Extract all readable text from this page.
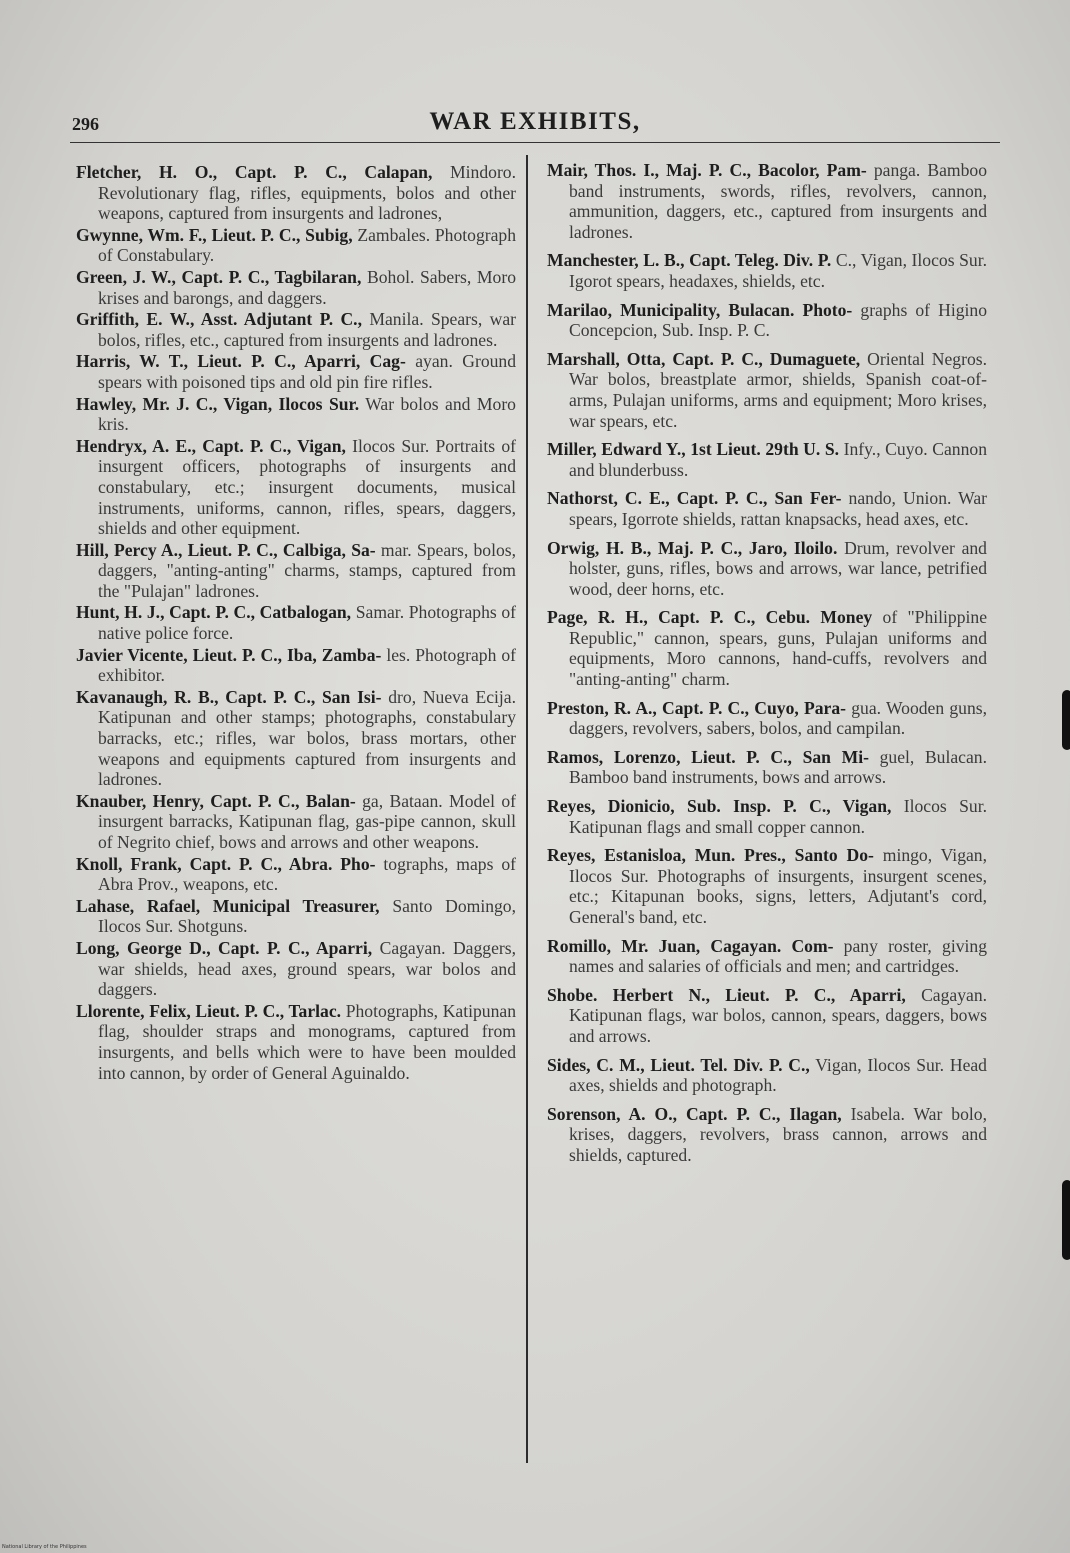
296	WAR EXHIBITS,

Fletcher, H. O., Capt. P. C., Calapan, Mindoro. Revolutionary flag, rifles, equipments, bolos and other weapons, captured from insurgents and ladrones,

Gwynne, Wm. F., Lieut. P. C., Subig, Zambales. Photograph of Constabulary.

Green, J. W., Capt. P. C., Tagbilaran, Bohol. Sabers, Moro krises and barongs, and daggers.

Griffith, E. W., Asst. Adjutant P. C., Manila. Spears, war bolos, rifles, etc., captured from insurgents and ladrones.

Harris, W. T., Lieut. P. C., Aparri, Cag- ayan. Ground spears with poisoned tips and old pin fire rifles.

Hawley, Mr. J. C., Vigan, Ilocos Sur. War bolos and Moro kris.

Hendryx, A. E., Capt. P. C., Vigan, Ilocos Sur. Portraits of insurgent officers, photographs of insurgents and constabulary, etc.; insurgent documents, musical instruments, uniforms, cannon, rifles, spears, daggers, shields and other equipment.

Hill, Percy A., Lieut. P. C., Calbiga, Sa- mar. Spears, bolos, daggers, "anting-anting" charms, stamps, captured from the "Pulajan" ladrones.

Hunt, H. J., Capt. P. C., Catbalogan, Samar. Photographs of native police force.

Javier Vicente, Lieut. P. C., Iba, Zamba- les. Photograph of exhibitor.

Kavanaugh, R. B., Capt. P. C., San Isi- dro, Nueva Ecija. Katipunan and other stamps; photographs, constabulary barracks, etc.; rifles, war bolos, brass mortars, other weapons and equipments captured from insurgents and ladrones.

Knauber, Henry, Capt. P. C., Balan- ga, Bataan. Model of insurgent barracks, Katipunan flag, gas-pipe cannon, skull of Negrito chief, bows and arrows and other weapons.

Knoll, Frank, Capt. P. C., Abra. Pho- tographs, maps of Abra Prov., weapons, etc.

Lahase, Rafael, Municipal Treasurer, Santo Domingo, Ilocos Sur. Shotguns.

Long, George D., Capt. P. C., Aparri, Cagayan. Daggers, war shields, head axes, ground spears, war bolos and daggers.

Llorente, Felix, Lieut. P. C., Tarlac. Photographs, Katipunan flag, shoulder straps and monograms, captured from insurgents, and bells which were to have been moulded into cannon, by order of General Aguinaldo.

Mair, Thos. I., Maj. P. C., Bacolor, Pam- panga. Bamboo band instruments, swords, rifles, revolvers, cannon, ammunition, daggers, etc., captured from insurgents and ladrones.

Manchester, L. B., Capt. Teleg. Div. P. C., Vigan, Ilocos Sur. Igorot spears, headaxes, shields, etc.

Marilao, Municipality, Bulacan. Photo- graphs of Higino Concepcion, Sub. Insp. P. C.

Marshall, Otta, Capt. P. C., Dumaguete, Oriental Negros. War bolos, breastplate armor, shields, Spanish coat-of-arms, Pulajan uniforms, arms and equipment; Moro krises, war spears, etc.

Miller, Edward Y., 1st Lieut. 29th U. S. Infy., Cuyo. Cannon and blunderbuss.

Nathorst, C. E., Capt. P. C., San Fer- nando, Union. War spears, Igorrote shields, rattan knapsacks, head axes, etc.

Orwig, H. B., Maj. P. C., Jaro, Iloilo. Drum, revolver and holster, guns, rifles, bows and arrows, war lance, petrified wood, deer horns, etc.

Page, R. H., Capt. P. C., Cebu. Money of "Philippine Republic," cannon, spears, guns, Pulajan uniforms and equipments, Moro cannons, hand-cuffs, revolvers and "anting-anting" charm.

Preston, R. A., Capt. P. C., Cuyo, Para- gua. Wooden guns, daggers, revolvers, sabers, bolos, and campilan.

Ramos, Lorenzo, Lieut. P. C., San Mi- guel, Bulacan. Bamboo band instruments, bows and arrows.

Reyes, Dionicio, Sub. Insp. P. C., Vigan, Ilocos Sur. Katipunan flags and small copper cannon.

Reyes, Estanisloa, Mun. Pres., Santo Do- mingo, Vigan, Ilocos Sur. Photographs of insurgents, insurgent scenes, etc.; Kitapunan books, signs, letters, Adjutant's cord, General's band, etc.

Romillo, Mr. Juan, Cagayan. Com- pany roster, giving names and salaries of officials and men; and cartridges.

Shobe. Herbert N., Lieut. P. C., Aparri, Cagayan. Katipunan flags, war bolos, cannon, spears, daggers, bows and arrows.

Sides, C. M., Lieut. Tel. Div. P. C., Vigan, Ilocos Sur. Head axes, shields and photograph.

Sorenson, A. O., Capt. P. C., Ilagan, Isabela. War bolo, krises, daggers, revolvers, brass cannon, arrows and shields, captured.

National Library of the Philippines
